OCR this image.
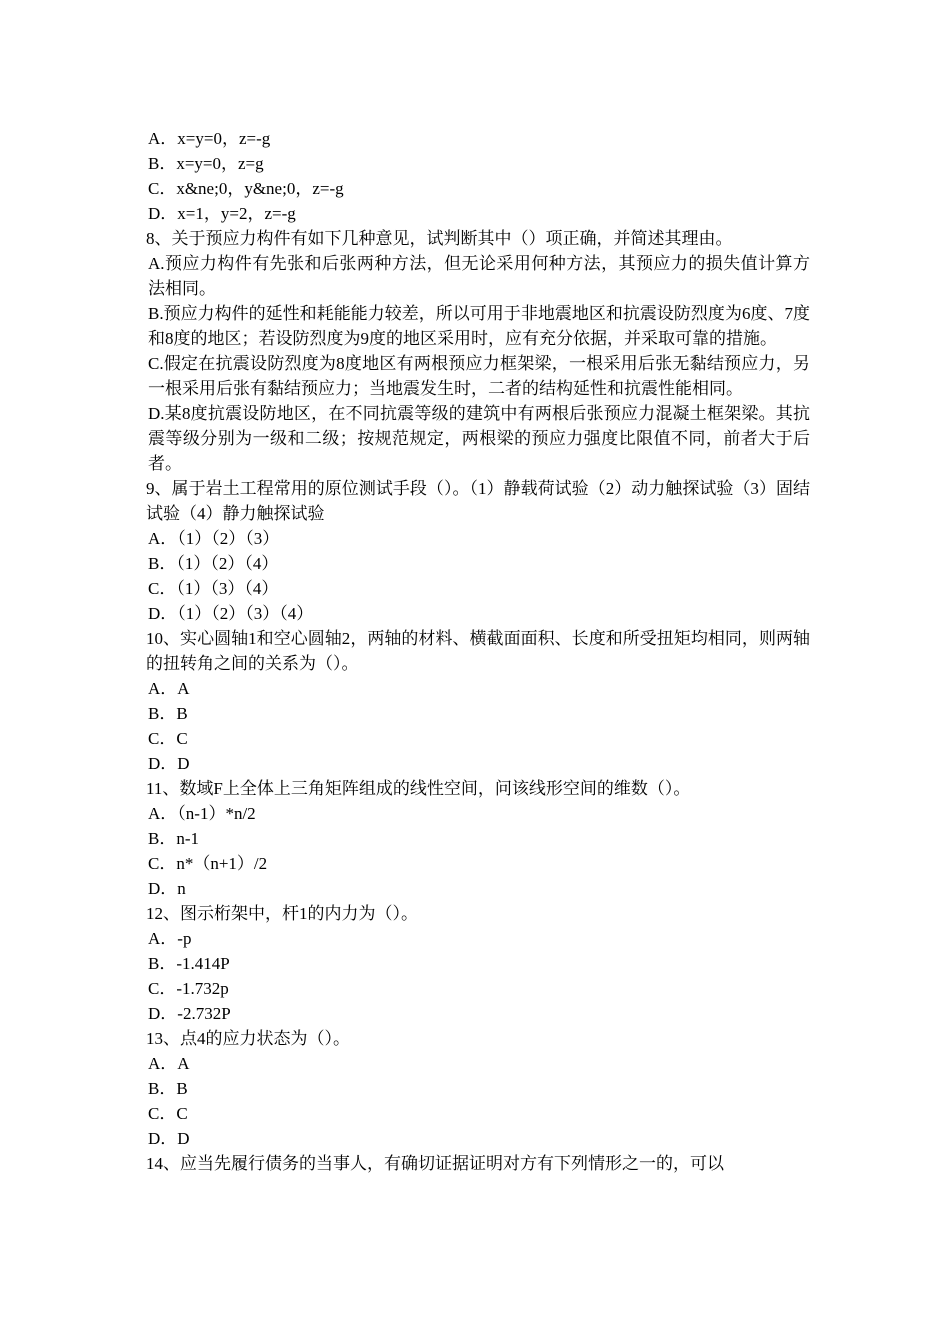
A．x=y=0，z=-g
B．x=y=0，z=g
C．x&ne;0，y&ne;0，z=-g
D．x=1，y=2，z=-g
8、关于预应力构件有如下几种意见，试判断其中（）项正确，并简述其理由。
A.预应力构件有先张和后张两种方法，但无论采用何种方法，其预应力的损失值计算方法相同。
B.预应力构件的延性和耗能能力较差，所以可用于非地震地区和抗震设防烈度为6度、7度和8度的地区；若设防烈度为9度的地区采用时，应有充分依据，并采取可靠的措施。
C.假定在抗震设防烈度为8度地区有两根预应力框架梁，一根采用后张无黏结预应力，另一根采用后张有黏结预应力；当地震发生时，二者的结构延性和抗震性能相同。
D.某8度抗震设防地区，在不同抗震等级的建筑中有两根后张预应力混凝土框架梁。其抗震等级分别为一级和二级；按规范规定，两根梁的预应力强度比限值不同，前者大于后者。
9、属于岩土工程常用的原位测试手段（）。（1）静载荷试验（2）动力触探试验（3）固结试验（4）静力触探试验
A．（1）（2）（3）
B．（1）（2）（4）
C．（1）（3）（4）
D．（1）（2）（3）（4）
10、实心圆轴1和空心圆轴2，两轴的材料、横截面面积、长度和所受扭矩均相同，则两轴的扭转角之间的关系为（）。
A．A
B．B
C．C
D．D
11、数域F上全体上三角矩阵组成的线性空间，问该线形空间的维数（）。
A．（n-1）*n/2
B．n-1
C．n*（n+1）/2
D．n
12、图示桁架中，杆1的内力为（）。
A．-p
B．-1.414P
C．-1.732p
D．-2.732P
13、点4的应力状态为（）。
A．A
B．B
C．C
D．D
14、应当先履行债务的当事人，有确切证据证明对方有下列情形之一的，可以
